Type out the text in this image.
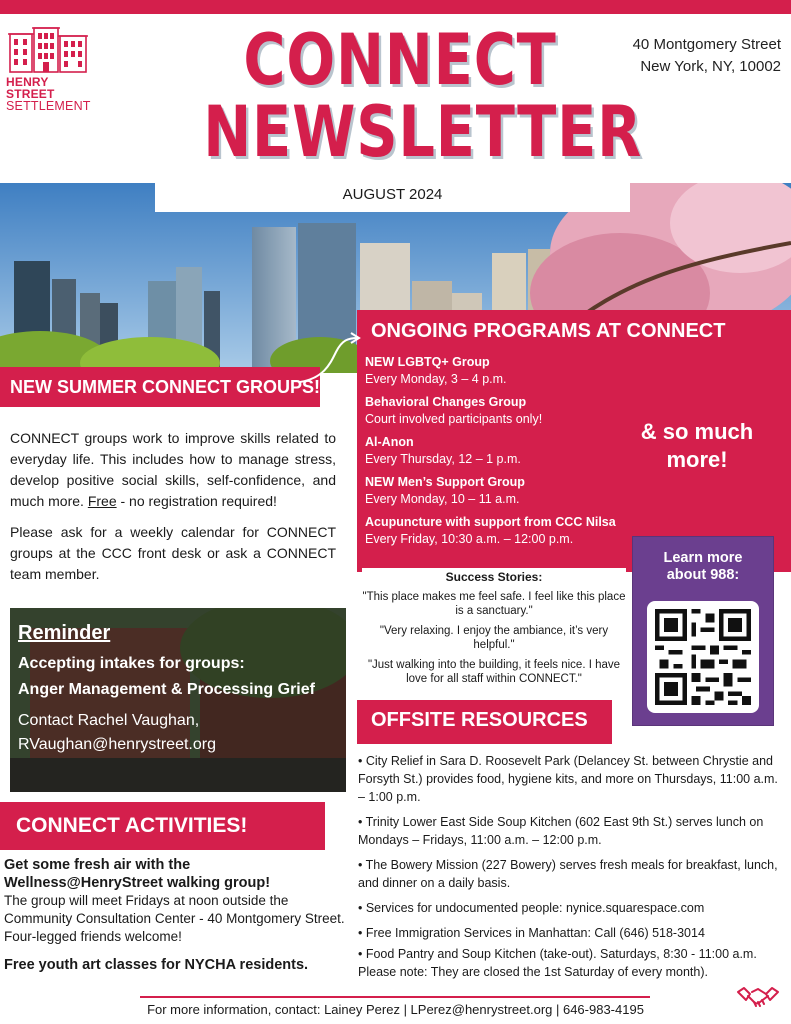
HENRY STREET
SETTLEMENT
CONNECT
NEWSLETTER
40 Montgomery Street
New York, NY, 10002
AUGUST 2024
NEW SUMMER CONNECT GROUPS!

CONNECT groups work to improve skills related to everyday life. This includes how to manage stress, develop positive social skills, self-confidence, and much more. Free - no registration required!

Please ask for a weekly calendar for CONNECT groups at the CCC front desk or ask a CONNECT team member.

Reminder
Accepting intakes for groups:
Anger Management & Processing Grief
Contact Rachel Vaughan,
RVaughan@henrystreet.org
CONNECT ACTIVITIES!
Get some fresh air with the Wellness@HenryStreet walking group!
The group will meet Fridays at noon outside the Community Consultation Center - 40 Montgomery Street. Four-legged friends welcome!
Free youth art classes for NYCHA residents.
ONGOING PROGRAMS AT CONNECT
NEW LGBTQ+ Group
Every Monday, 3 – 4 p.m.
Behavioral Changes Group
Court involved participants only!
Al-Anon
Every Thursday, 12 – 1 p.m.
NEW Men’s Support Group
Every Monday, 10 – 11 a.m.
Acupuncture with support from CCC Nilsa
Every Friday, 10:30 a.m. – 12:00 p.m.
& so much
more!
Success Stories:
"This place makes me feel safe. I feel like this place is a sanctuary."
"Very relaxing. I enjoy the ambiance, it’s very helpful."
"Just walking into the building, it feels nice. I have love for all staff within CONNECT."
Learn more
about 988:
OFFSITE RESOURCES
• City Relief in Sara D. Roosevelt Park (Delancey St. between Chrystie and Forsyth St.) provides food, hygiene kits, and more on Thursdays, 11:00 a.m. – 1:00 p.m.
• Trinity Lower East Side Soup Kitchen (602 East 9th St.) serves lunch on Mondays – Fridays, 11:00 a.m. – 12:00 p.m.
• The Bowery Mission (227 Bowery) serves fresh meals for breakfast, lunch, and dinner on a daily basis.
• Services for undocumented people: nynice.squarespace.com
• Free Immigration Services in Manhattan: Call (646) 518-3014
• Food Pantry and Soup Kitchen (take-out). Saturdays, 8:30 - 11:00 a.m. Please note: They are closed the 1st Saturday of every month).
For more information, contact: Lainey Perez | LPerez@henrystreet.org | 646-983-4195
